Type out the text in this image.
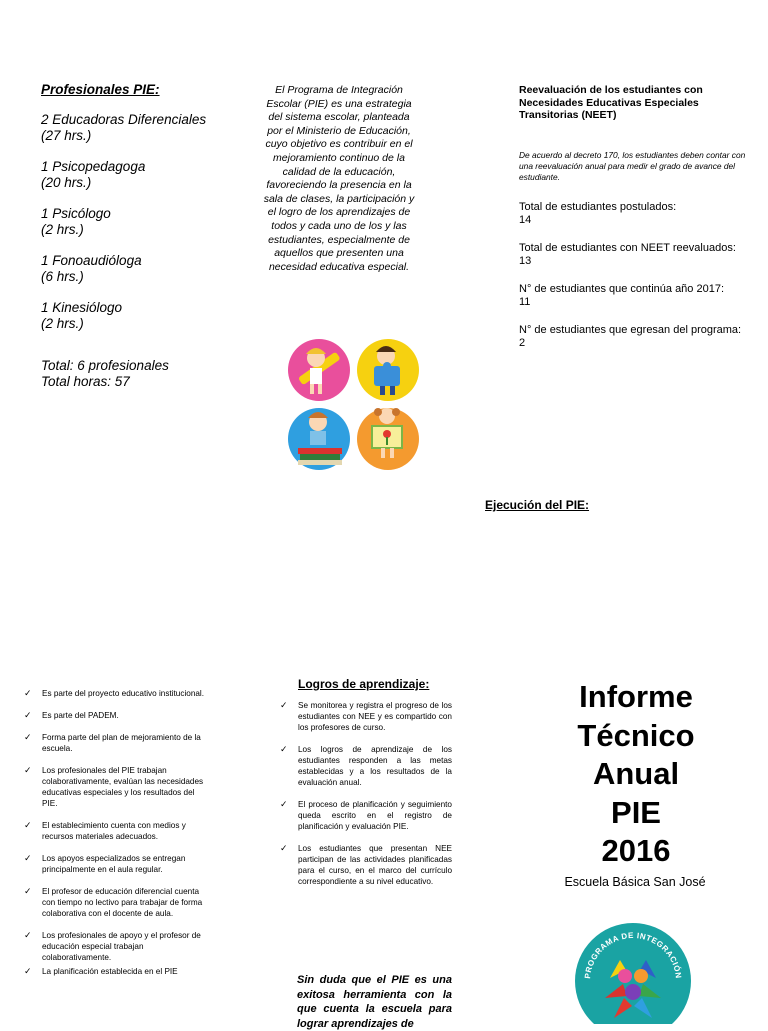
Profesionales PIE:
2 Educadoras Diferenciales
(27 hrs.)
1 Psicopedagoga
(20 hrs.)
1 Psicólogo
(2 hrs.)
1 Fonoaudióloga
(6 hrs.)
1 Kinesiólogo
(2 hrs.)
Total: 6 profesionales
Total horas: 57
El Programa de Integración Escolar (PIE) es una estrategia del sistema escolar, planteada por el Ministerio de Educación, cuyo objetivo es contribuir en el mejoramiento continuo de la calidad de la educación, favoreciendo la presencia en la sala de clases, la participación y el logro de los aprendizajes de todos y cada uno de los y las estudiantes, especialmente de aquellos que presenten una necesidad educativa especial.
Reevaluación de los estudiantes con Necesidades Educativas Especiales Transitorias (NEET)
De acuerdo al decreto 170, los estudiantes deben contar con una reevaluación anual para medir el grado de avance del estudiante.
Total de estudiantes postulados:
14
Total de estudiantes con NEET reevaluados:
13
N° de estudiantes que continúa año 2017:
11
N° de estudiantes que egresan del programa:
2
Ejecución del PIE:
✓ Es parte del proyecto educativo institucional.
✓ Es parte del PADEM.
✓ Forma parte del plan de mejoramiento de la escuela.
✓ Los profesionales del PIE trabajan colaborativamente, evalúan las necesidades educativas especiales y los resultados del PIE.
✓ El establecimiento cuenta con medios y recursos materiales adecuados.
✓ Los apoyos especializados se entregan principalmente en el aula regular.
✓ El profesor de educación diferencial cuenta con tiempo no lectivo para trabajar de forma colaborativa con el docente de aula.
✓ Los profesionales de apoyo y el profesor de educación especial trabajan colaborativamente.
✓ La planificación establecida en el PIE
Logros de aprendizaje:
✓ Se monitorea y registra el progreso de los estudiantes con NEE y es compartido con los profesores de curso.
✓ Los logros de aprendizaje de los estudiantes responden a las metas establecidas y a los resultados de la evaluación anual.
✓ El proceso de planificación y seguimiento queda escrito en el registro de planificación y evaluación PIE.
✓ Los estudiantes que presentan NEE participan de las actividades planificadas para el curso, en el marco del currículo correspondiente a su nivel educativo.
Sin duda que el PIE es una exitosa herramienta con la que cuenta la escuela para lograr aprendizajes de
Informe
Técnico
Anual
PIE
2016
Escuela Básica San José
PROGRAMA DE INTEGRACIÓN
